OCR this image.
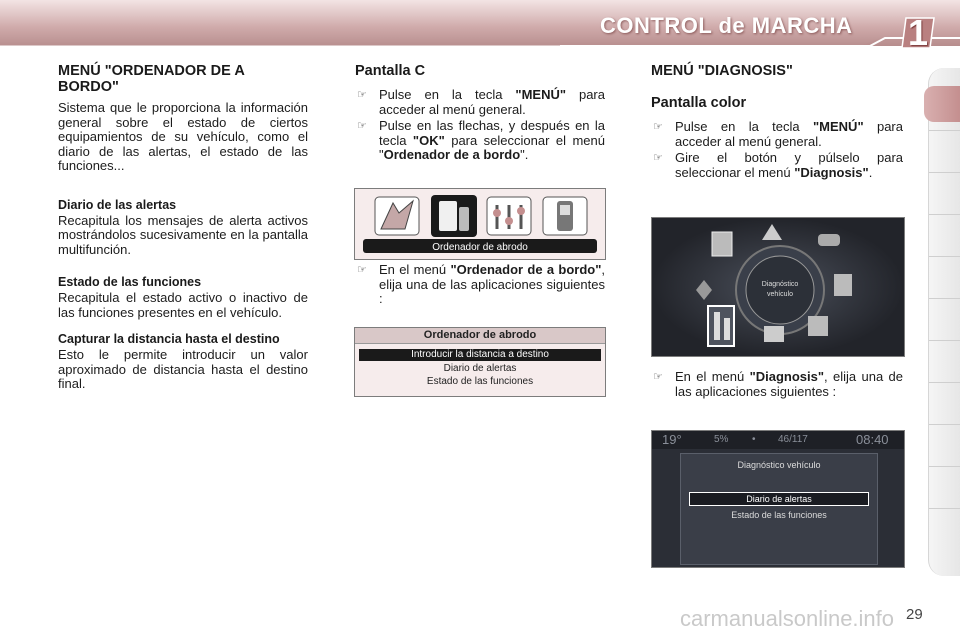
CONTROL de MARCHA 1
MENÚ "ORDENADOR DE A BORDO"
Sistema que le proporciona la información general sobre el estado de ciertos equipamientos de su vehículo, como el diario de las alertas, el estado de las funciones...
Diario de las alertas
Recapitula los mensajes de alerta activos mostrándolos sucesivamente en la pantalla multifunción.
Estado de las funciones
Recapitula el estado activo o inactivo de las funciones presentes en el vehículo.
Capturar la distancia hasta el destino
Esto le permite introducir un valor aproximado de distancia hasta el destino final.
Pantalla C
☞ Pulse en la tecla "MENÚ" para acceder al menú general.
☞ Pulse en las flechas, y después en la tecla "OK" para seleccionar el menú "Ordenador de a bordo".
Ordenador de abrodo
☞ En el menú "Ordenador de a bordo", elija una de las aplicaciones siguientes :
Ordenador de abrodo
Introducir la distancia a destino
Diario de alertas
Estado de las funciones
MENÚ "DIAGNOSIS"
Pantalla color
☞ Pulse en la tecla "MENÚ" para acceder al menú general.
☞ Gire el botón y púlselo para seleccionar el menú "Diagnosis".
Diagnóstico
vehículo
☞ En el menú "Diagnosis", elija una de las aplicaciones siguientes :
19°	5% • 46/117	08:40
Diagnóstico vehículo
Diario de alertas
Estado de las funciones
carmanualsonline.info 29
